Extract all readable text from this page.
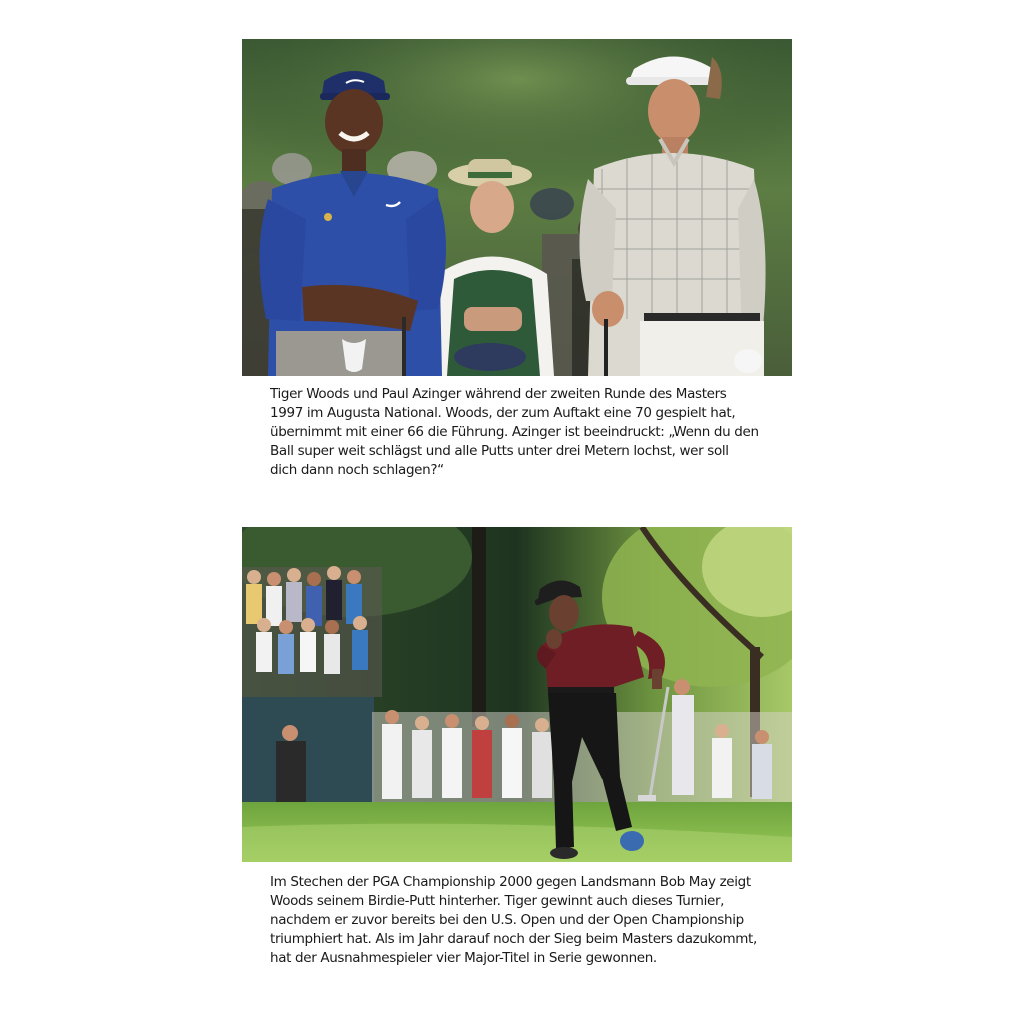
Tiger Woods und Paul Azinger während der zweiten Runde des Masters
1997 im Augusta National. Woods, der zum Auftakt eine 70 gespielt hat,
übernimmt mit einer 66 die Führung. Azinger ist beeindruckt: „Wenn du den
Ball super weit schlägst und alle Putts unter drei Metern lochst, wer soll
dich dann noch schlagen?“

Im Stechen der PGA Championship 2000 gegen Landsmann Bob May zeigt
Woods seinem Birdie-Putt hinterher. Tiger gewinnt auch dieses Turnier,
nachdem er zuvor bereits bei den U.S. Open und der Open Championship
triumphiert hat. Als im Jahr darauf noch der Sieg beim Masters dazukommt,
hat der Ausnahmespieler vier Major-Titel in Serie gewonnen.
